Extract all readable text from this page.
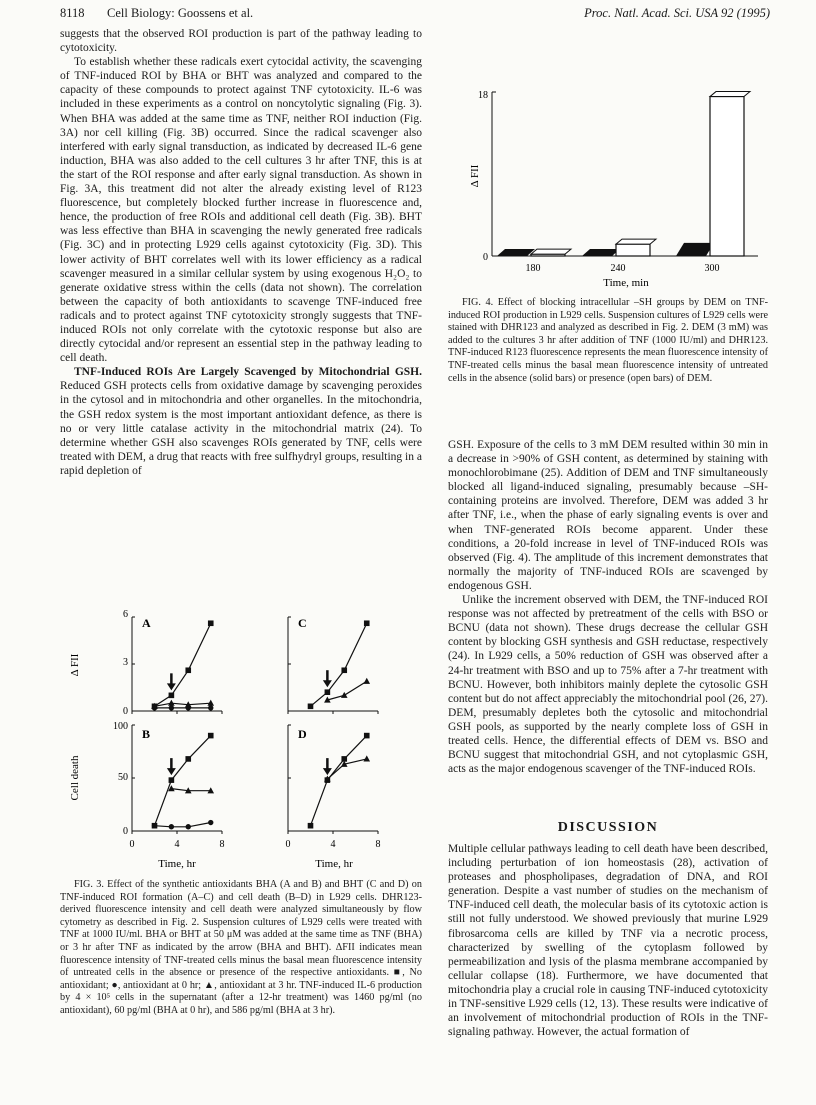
8118 Cell Biology: Goossens et al.	Proc. Natl. Acad. Sci. USA 92 (1995)

suggests that the observed ROI production is part of the pathway leading to cytotoxicity.

To establish whether these radicals exert cytocidal activity, the scavenging of TNF-induced ROI by BHA or BHT was analyzed and compared to the capacity of these compounds to protect against TNF cytotoxicity. IL-6 was included in these experiments as a control on noncytolytic signaling (Fig. 3). When BHA was added at the same time as TNF, neither ROI induction (Fig. 3A) nor cell killing (Fig. 3B) occurred. Since the radical scavenger also interfered with early signal transduction, as indicated by decreased IL-6 gene induction, BHA was also added to the cell cultures 3 hr after TNF, this is at the start of the ROI response and after early signal transduction. As shown in Fig. 3A, this treatment did not alter the already existing level of R123 fluorescence, but completely blocked further increase in fluorescence and, hence, the production of free ROIs and additional cell death (Fig. 3B). BHT was less effective than BHA in scavenging the newly generated free radicals (Fig. 3C) and in protecting L929 cells against cytotoxicity (Fig. 3D). This lower activity of BHT correlates well with its lower efficiency as a radical scavenger measured in a similar cellular system by using exogenous H₂O₂ to generate oxidative stress within the cells (data not shown). The correlation between the capacity of both antioxidants to scavenge TNF-induced free radicals and to protect against TNF cytotoxicity strongly suggests that TNF-induced ROIs not only correlate with the cytotoxic response but also are directly cytocidal and/or represent an essential step in the pathway leading to cell death.

TNF-Induced ROIs Are Largely Scavenged by Mitochondrial GSH. Reduced GSH protects cells from oxidative damage by scavenging peroxides in the cytosol and in mitochondria and other organelles. In the mitochondria, the GSH redox system is the most important antioxidant defence, as there is no or very little catalase activity in the mitochondrial matrix (24). To determine whether GSH also scavenges ROIs generated by TNF, cells were treated with DEM, a drug that reacts with free sulfhydryl groups, resulting in a rapid depletion of

Δ FII
Cell death
Time, hr	Time, hr
A
B
C
D
6
3
0
100
50
0
0	4	8	0	4	8

FIG. 3. Effect of the synthetic antioxidants BHA (A and B) and BHT (C and D) on TNF-induced ROI formation (A–C) and cell death (B–D) in L929 cells. DHR123-derived fluorescence intensity and cell death were analyzed simultaneously by flow cytometry as described in Fig. 2. Suspension cultures of L929 cells were treated with TNF at 1000 IU/ml. BHA or BHT at 50 μM was added at the same time as TNF (BHA) or 3 hr after TNF as indicated by the arrow (BHA and BHT). ΔFII indicates mean fluorescence intensity of TNF-treated cells minus the basal mean fluorescence intensity of untreated cells in the absence or presence of the respective antioxidants. ■, No antioxidant; ●, antioxidant at 0 hr; ▲, antioxidant at 3 hr. TNF-induced IL-6 production by 4 × 10⁵ cells in the supernatant (after a 12-hr treatment) was 1460 pg/ml (no antioxidant), 60 pg/ml (BHA at 0 hr), and 586 pg/ml (BHA at 3 hr).

Δ FII
18
0
180	240	300
Time, min

FIG. 4. Effect of blocking intracellular –SH groups by DEM on TNF-induced ROI production in L929 cells. Suspension cultures of L929 cells were stained with DHR123 and analyzed as described in Fig. 2. DEM (3 mM) was added to the cultures 3 hr after addition of TNF (1000 IU/ml) and DHR123. TNF-induced R123 fluorescence represents the mean fluorescence intensity of TNF-treated cells minus the basal mean fluorescence intensity of untreated cells in the absence (solid bars) or presence (open bars) of DEM.

GSH. Exposure of the cells to 3 mM DEM resulted within 30 min in a decrease in >90% of GSH content, as determined by staining with monochlorobimane (25). Addition of DEM and TNF simultaneously blocked all ligand-induced signaling, presumably because –SH-containing proteins are involved. Therefore, DEM was added 3 hr after TNF, i.e., when the phase of early signaling events is over and when TNF-generated ROIs become apparent. Under these conditions, a 20-fold increase in level of TNF-induced ROIs was observed (Fig. 4). The amplitude of this increment demonstrates that normally the majority of TNF-induced ROIs are scavenged by endogenous GSH.

Unlike the increment observed with DEM, the TNF-induced ROI response was not affected by pretreatment of the cells with BSO or BCNU (data not shown). These drugs decrease the cellular GSH content by blocking GSH synthesis and GSH reductase, respectively (24). In L929 cells, a 50% reduction of GSH was observed after a 24-hr treatment with BSO and up to 75% after a 7-hr treatment with BCNU. However, both inhibitors mainly deplete the cytosolic GSH content but do not affect appreciably the mitochondrial pool (26, 27). DEM, presumably depletes both the cytosolic and mitochondrial GSH pools, as supported by the nearly complete loss of GSH in treated cells. Hence, the differential effects of DEM vs. BSO and BCNU suggest that mitochondrial GSH, and not cytoplasmic GSH, acts as the major endogenous scavenger of the TNF-induced ROIs.

DISCUSSION

Multiple cellular pathways leading to cell death have been described, including perturbation of ion homeostasis (28), activation of proteases and phospholipases, degradation of DNA, and ROI generation. Despite a vast number of studies on the mechanism of TNF-induced cell death, the molecular basis of its cytotoxic action is still not fully understood. We showed previously that murine L929 fibrosarcoma cells are killed by TNF via a necrotic process, characterized by swelling of the cytoplasm followed by permeabilization and lysis of the plasma membrane accompanied by cellular collapse (18). Furthermore, we have documented that mitochondria play a crucial role in causing TNF-induced cytotoxicity in TNF-sensitive L929 cells (12, 13). These results were indicative of an involvement of mitochondrial production of ROIs in the TNF-signaling pathway. However, the actual formation of
